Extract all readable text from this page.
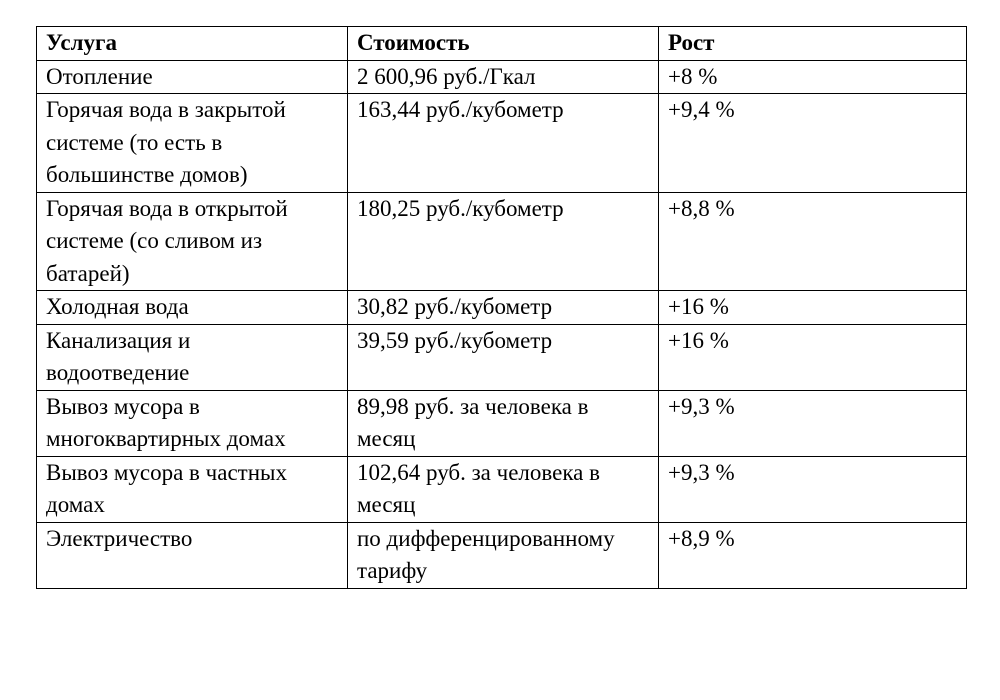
Услуга	Стоимость	Рост
Отопление	2 600,96 руб./Гкал	+8 %
Горячая вода в закрытой системе (то есть в большинстве домов)	163,44 руб./кубометр	+9,4 %
Горячая вода в открытой системе (со сливом из батарей)	180,25 руб./кубометр	+8,8 %
Холодная вода	30,82 руб./кубометр	+16 %
Канализация и водоотведение	39,59 руб./кубометр	+16 %
Вывоз мусора в многоквартирных домах	89,98 руб. за человека в месяц	+9,3 %
Вывоз мусора в частных домах	102,64 руб. за человека в месяц	+9,3 %
Электричество	по дифференцированному тарифу	+8,9 %
